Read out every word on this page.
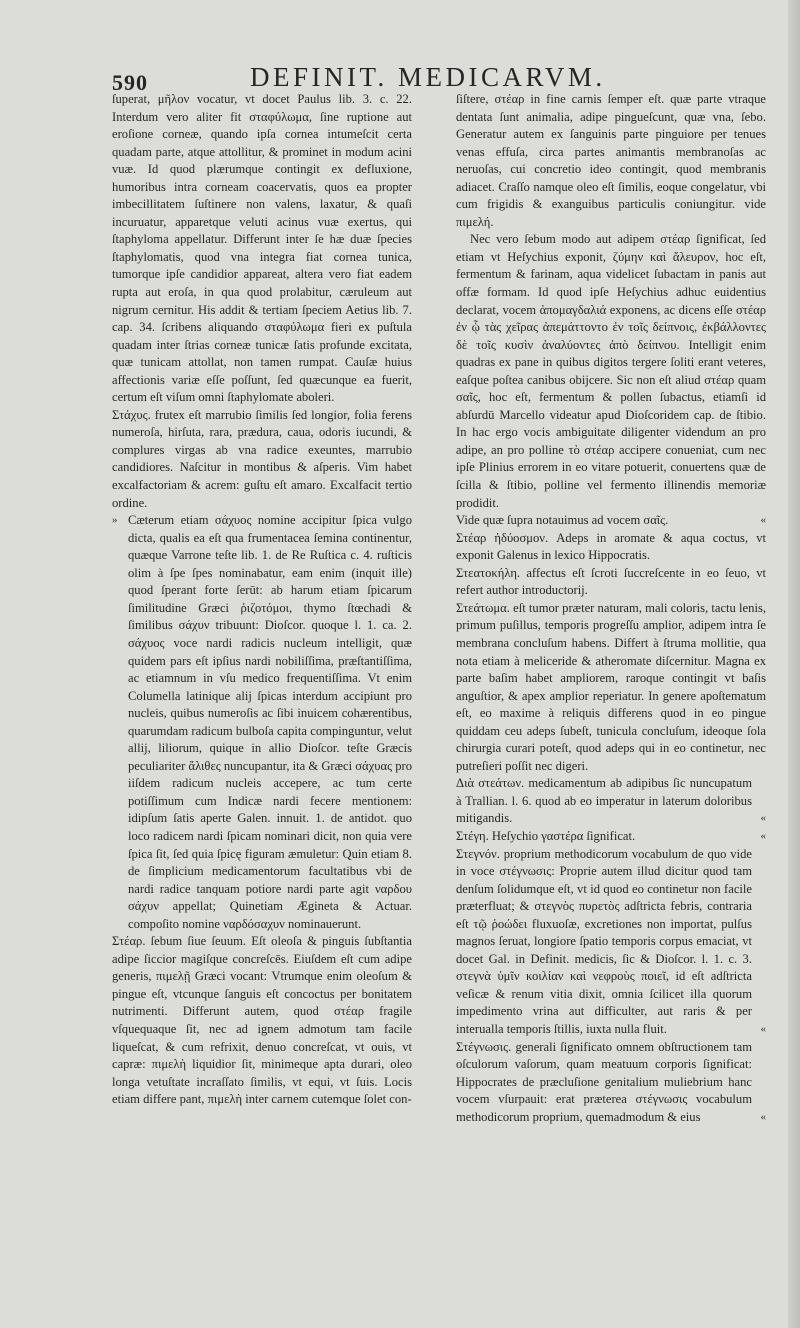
590	DEFINIT. MEDICARVM.

ſuperat, μῆλον vocatur, vt docet Paulus lib. 3. c. 22. Interdum vero aliter fit σταφύλωμα, ſine ruptione aut eroſione corneæ, quando ipſa cornea intumeſcit certa quadam parte, atque attollitur, & prominet in modum acini vuæ. Id quod plærumque contingit ex defluxione, humoribus intra corneam coacervatis, quos ea propter imbecillitatem ſuſtinere non valens, laxatur, & quaſi incuruatur, apparetque veluti acinus vuæ exertus, qui ſtaphyloma appellatur. Differunt inter ſe hæ duæ ſpecies ſtaphylomatis, quod vna integra fiat cornea tunica, tumorque ipſe candidior appareat, altera vero fiat eadem rupta aut eroſa, in qua quod prolabitur, cæruleum aut nigrum cernitur. His addit & tertiam ſpeciem Aetius lib. 7. cap. 34. ſcribens aliquando σταφύλωμα fieri ex puſtula quadam inter ſtrias corneæ tunicæ ſatis profunde excitata, quæ tunicam attollat, non tamen rumpat. Cauſæ huius affectionis variæ eſſe poſſunt, ſed quæcunque ea fuerit, certum eſt viſum omni ſtaphylomate aboleri.

Στάχυς. frutex eſt marrubio ſimilis ſed longior, folia ferens numeroſa, hirſuta, rara, prædura, caua, odoris iucundi, & complures virgas ab vna radice exeuntes, marrubio candidiores. Naſcitur in montibus & aſperis. Vim habet excalfactoriam & acrem: guſtu eſt amaro. Excalfacit tertio ordine.

» Cæterum etiam σάχυος nomine accipitur ſpica vulgo dicta, qualis ea eſt qua frumentacea ſemina continentur, quæque Varrone teſte lib. 1. de Re Ruſtica c. 4. ruſticis olim à ſpe ſpes nominabatur, eam enim (inquit ille) quod ſperant forte ſerūt: ab harum etiam ſpicarum ſimilitudine Græci ῥιζοτόμοι, thymo ſtœchadi & ſimilibus σάχυν tribuunt: Dioſcor. quoque l. 1. ca. 2. σάχυος voce nardi radicis nucleum intelligit, quæ quidem pars eſt ipſius nardi nobiliſſima, præſtantiſſima, ac etiamnum in vſu medico frequentiſſima. Vt enim Columella latinique alij ſpicas interdum accipiunt pro nucleis, quibus numeroſis ac ſibi inuicem cohærentibus, quarumdam radicum bulboſa capita compinguntur, velut allij, liliorum, quique in allio Dioſcor. teſte Græcis peculiariter ἄλιθες nuncupantur, ita & Græci σάχυας pro iiſdem radicum nucleis accepere, ac tum certe potiſſimum cum Indicæ nardi fecere mentionem: idipſum ſatis aperte Galen. innuit. 1. de antidot. quo loco radicem nardi ſpicam nominari dicit, non quia vere ſpica ſit, ſed quia ſpicę figuram æmuletur: Quin etiam 8. de ſimplicium medicamentorum facultatibus vbi de nardi radice tanquam potiore nardi parte agit ναρδου σάχυν appellat; Quinetiam Ægineta & Actuar. compoſito nomine ναρδόσαχυν nominauerunt.

Στέαρ. ſebum ſiue ſeuum. Eſt oleoſa & pinguis ſubſtantia adipe ſiccior magiſque concreſcēs. Eiuſdem eſt cum adipe generis, πιμελῇ Græci vocant: Vtrumque enim oleoſum & pingue eſt, vtcunque ſanguis eſt concoctus per bonitatem nutrimenti. Differunt autem, quod στέαρ fragile vſquequaque ſit, nec ad ignem admotum tam facile liqueſcat, & cum refrixit, denuo concreſcat, vt ouis, vt capræ: πιμελὴ liquidior ſit, minimeque apta durari, oleo longa vetuſtate incraſſato ſimilis, vt equi, vt ſuis. Locis etiam differe pant, πιμελὴ inter carnem cutemque ſolet con-

ſiſtere, στέαρ in fine carnis ſemper eſt. quæ parte vtraque dentata ſunt animalia, adipe pingueſcunt, quæ vna, ſebo. Generatur autem ex ſanguinis parte pinguiore per tenues venas effuſa, circa partes animantis membranoſas ac neruoſas, cui concretio ideo contingit, quod membranis adiacet. Craſſo namque oleo eſt ſimilis, eoque congelatur, vbi cum frigidis & exanguibus particulis coniungitur. vide πιμελή.

Nec vero ſebum modo aut adipem στέαρ ſignificat, ſed etiam vt Heſychius exponit, ζύμην καὶ ἄλευρον, hoc eſt, fermentum & farinam, aqua videlicet ſubactam in panis aut offæ formam. Id quod ipſe Heſychius adhuc euidentius declarat, vocem ἀπομαγδαλιά exponens, ac dicens eſſe στέαρ ἐν ᾧ τὰς χεῖρας ἀπεμάττοντο ἐν τοῖς δείπνοις, ἐκβάλλοντες δὲ τοῖς κυσὶν ἀναλύοντες ἀπὸ δείπνου. Intelligit enim quadras ex pane in quibus digitos tergere ſoliti erant veteres, eaſque poſtea canibus obijcere. Sic non eſt aliud στέαρ quam σαῖς, hoc eſt, fermentum & pollen ſubactus, etiamſi id abſurdū Marcello videatur apud Dioſcoridem cap. de ſtibio. In hac ergo vocis ambiguitate diligenter videndum an pro adipe, an pro polline τὸ στέαρ accipere conueniat, cum nec ipſe Plinius errorem in eo vitare potuerit, conuertens quæ de ſcilla & ſtibio, polline vel fermento illinendis memoriæ prodidit.

Vide quæ ſupra notauimus ad vocem σαῖς. «

Στέαρ ἡδύοσμον. Adeps in aromate & aqua coctus, vt exponit Galenus in lexico Hippocratis.

Στεατοκήλη. affectus eſt ſcroti ſuccreſcente in eo ſeuo, vt refert author introductorij.

Στεάτωμα. eſt tumor præter naturam, mali coloris, tactu lenis, primum puſillus, temporis progreſſu amplior, adipem intra ſe membrana concluſum habens. Differt à ſtruma mollitie, qua nota etiam à meliceride & atheromate diſcernitur. Magna ex parte baſim habet ampliorem, raroque contingit vt baſis anguſtior, & apex amplior reperiatur. In genere apoſtematum eſt, eo maxime à reliquis differens quod in eo pingue quiddam ceu adeps ſubeſt, tunicula concluſum, ideoque ſola chirurgia curari poteſt, quod adeps qui in eo continetur, nec putreſieri poſſit nec digeri.

Διὰ στεάτων. medicamentum ab adipibus ſic nuncupatum à Trallian. l. 6. quod ab eo imperatur in laterum doloribus mitigandis. «

Στέγη. Heſychio γαστέρα ſignificat. «

Στεγνόν. proprium methodicorum vocabulum de quo vide in voce στέγνωσις: Proprie autem illud dicitur quod tam denſum ſolidumque eſt, vt id quod eo continetur non facile præterfluat; & στεγνὸς πυρετὸς adſtricta febris, contraria eſt τῷ ῥοώδει fluxuoſæ, excretiones non importat, pulſus magnos ſeruat, longiore ſpatio temporis corpus emaciat, vt docet Gal. in Definit. medicis, ſic & Dioſcor. l. 1. c. 3. στεγνὰ ὑμῖν κοιλίαν καὶ νεφροὺς ποιεῖ, id eſt adſtricta veſicæ & renum vitia dixit, omnia ſcilicet illa quorum impedimento vrina aut difficulter, aut raris & per interualla temporis ſtillis, iuxta nulla fluit. «

Στέγνωσις. generali ſignificato omnem obſtructionem tam oſculorum vaſorum, quam meatuum corporis ſignificat: Hippocrates de præcluſione genitalium muliebrium hanc vocem vſurpauit: erat præterea στέγνωσις vocabulum methodicorum proprium, quemadmodum & eius «
